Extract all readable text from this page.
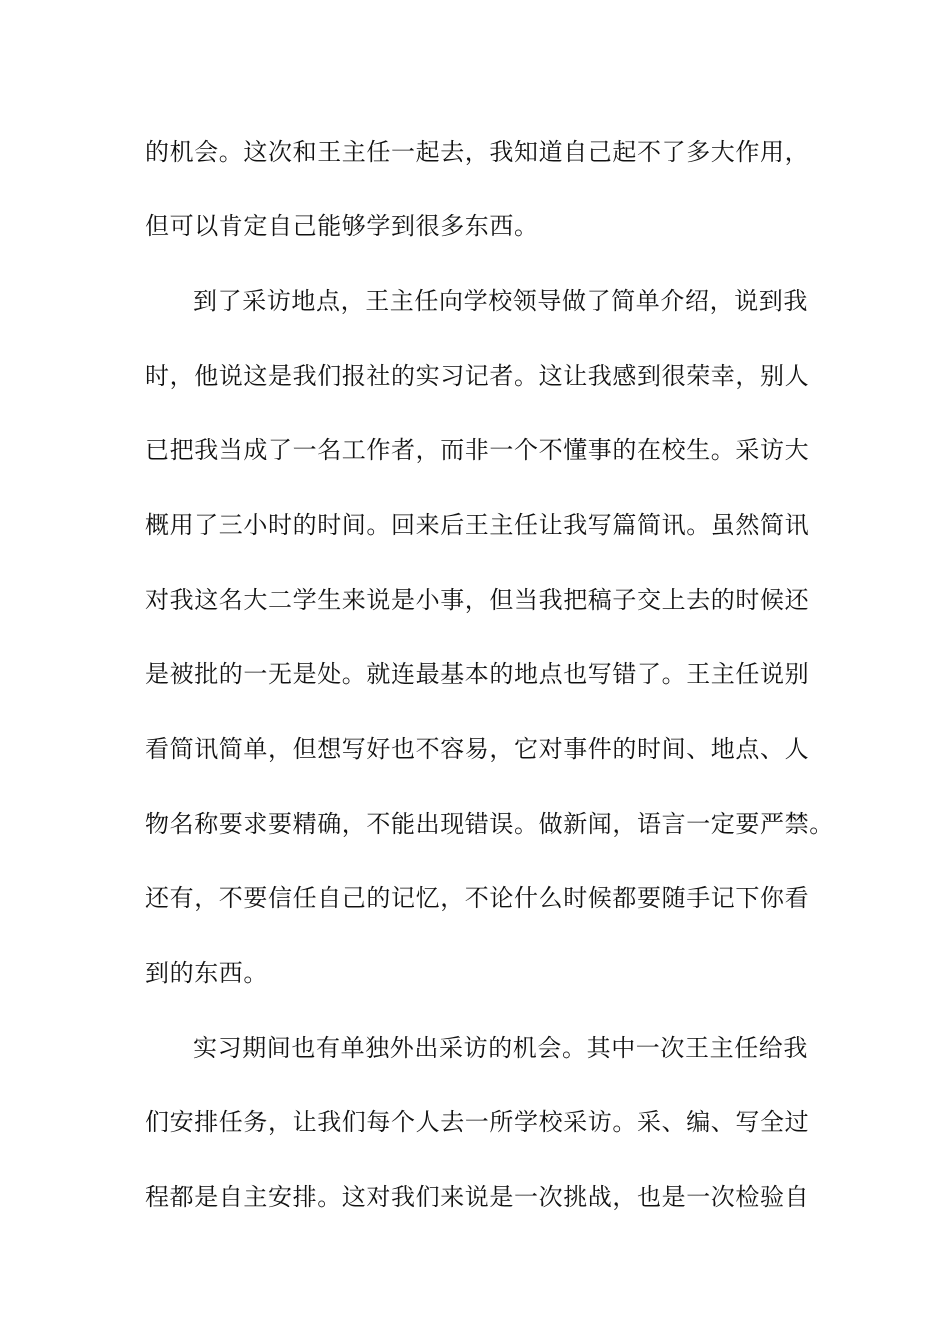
的机会。这次和王主任一起去，我知道自己起不了多大作用，
但可以肯定自己能够学到很多东西。
到了采访地点，王主任向学校领导做了简单介绍，说到我
时，他说这是我们报社的实习记者。这让我感到很荣幸，别人
已把我当成了一名工作者，而非一个不懂事的在校生。采访大
概用了三小时的时间。回来后王主任让我写篇简讯。虽然简讯
对我这名大二学生来说是小事，但当我把稿子交上去的时候还
是被批的一无是处。就连最基本的地点也写错了。王主任说别
看简讯简单，但想写好也不容易，它对事件的时间、地点、人
物名称要求要精确，不能出现错误。做新闻，语言一定要严禁。
还有，不要信任自己的记忆，不论什么时候都要随手记下你看
到的东西。
实习期间也有单独外出采访的机会。其中一次王主任给我
们安排任务，让我们每个人去一所学校采访。采、编、写全过
程都是自主安排。这对我们来说是一次挑战，也是一次检验自
